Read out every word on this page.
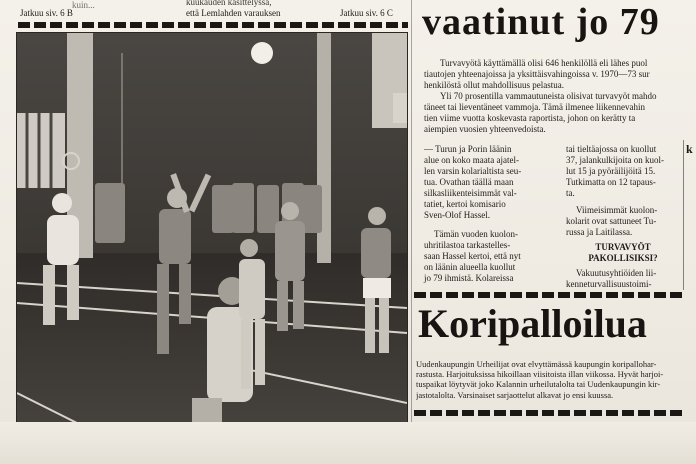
kuin...
Jatkuu siv. 6 B
kuukauden kasittelyssa,
että Lemlahden varauksen	Jatkuu siv. 6 C vaatinut jo 79
Turvavyötä käyttämällä olisi 646 henkilöllä eli lähes puol
tiautojen yhteenajoissa ja yksittäisvahingoissa v. 1970—73 sur
henkilöstä ollut mahdollisuus pelastua.
Yli 70 prosentilla vammautuneista olisivat turvavyöt mahdo
täneet tai lieventäneet vammoja. Tämä ilmenee liikennevahin
tien viime vuotta koskevasta raportista, johon on kerätty ta
aiempien vuosien yhteenvedoista.
— Turun ja Porin läänin
alue on koko maata ajatel-
len varsin kolarialtista seu-
tua. Ovathan täällä maan
silkasliikenteisimmät val-
tatiet, kertoi komisario
Sven-Olof Hassel.
Tämän vuoden kuolon-
uhritilastoa tarkastelles-
saan Hassel kertoi, että nyt
on läänin alueella kuollut
jo 79 ihmistä. Kolareissa
tai tieltäajossa on kuollut
37, jalankulkijoita on kuol-
lut 15 ja pyöräilijöitä 15.
Tutkimatta on 12 tapaus-
ta.
Viimeisimmät kuolon-
kolarit ovat sattuneet Tu-
russa ja Laitilassa.
TURVAVYÖT
PAKOLLISIKSI?
Vakuutusyhtiöiden lii-
kenneturvallisuustoimi-
k
Koripalloilua
Uudenkaupungin Urheilijat ovat elvyttämässä kaupungin koripallohar-
rastusta. Harjoituksissa hikoillaan viisitoista illan viikossa. Hyvät harjoi-
tuspaikat löytyvät joko Kalannin urheilutalolta tai Uudenkaupungin kir-
jastotalolta. Varsinaiset sarjaottelut alkavat jo ensi kuussa.
